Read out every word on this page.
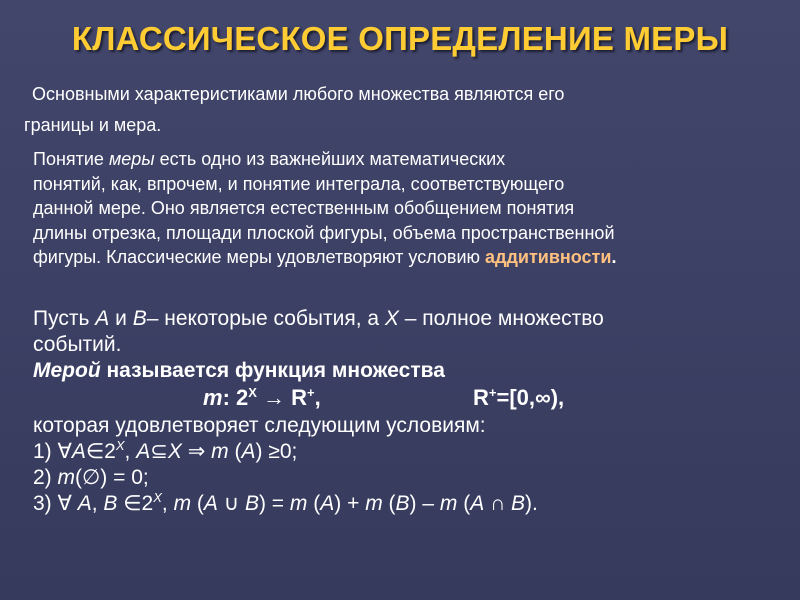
КЛАССИЧЕСКОЕ ОПРЕДЕЛЕНИЕ МЕРЫ
Основными характеристиками любого множества являются его
границы и мера.
Понятие меры есть одно из важнейших математических
понятий, как, впрочем, и понятие интеграла, соответствующего
данной мере. Оно является естественным обобщением понятия
длины отрезка, площади плоской фигуры, объема пространственной
фигуры. Классические меры удовлетворяют условию аддитивности.
Пусть A и B– некоторые события, а X – полное множество
событий.
Мерой называется функция множества
m: $2^X \to R^+$,	R+=[0,∞),
которая удовлетворяет следующим условиям:
1) $\forall A\in 2^X$, A⊆X ⇒ m (A) ≥0;
2) m(∅) = 0;
3) ∀ A, B $\in 2^X$, m (A ∪ B) = m (A) + m (B) – m (A ∩ B).
